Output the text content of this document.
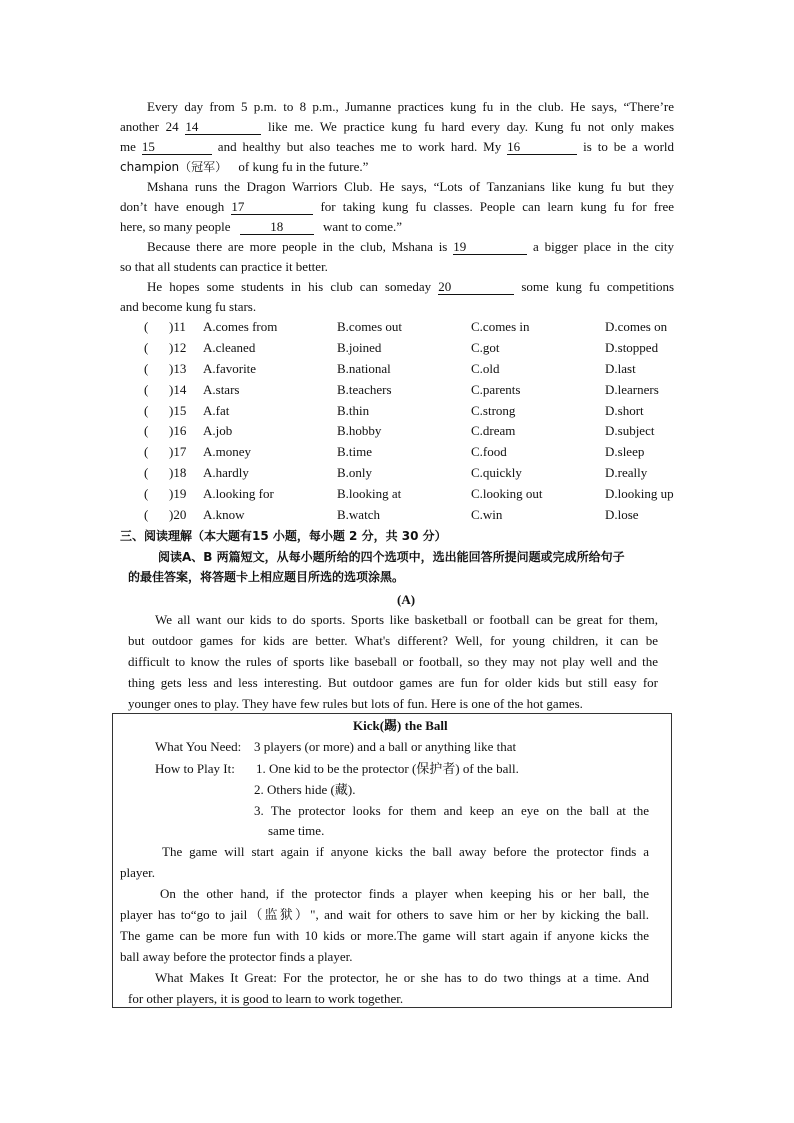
Every day from 5 p.m. to 8 p.m., Jumanne practices kung fu in the club. He says, “There’re
another 24 14	like me. We practice kung fu hard every day. Kung fu not only makes
me 15	and healthy but also teaches me to work hard. My 16	is to be a world
champion（冠军） of kung fu in the future.”
Mshana runs the Dragon Warriors Club. He says, “Lots of Tanzanians like kung fu but they
don’t have enough 17	for taking kung fu classes. People can learn kung fu for free
here, so many people	18	want to come.”
Because there are more people in the club, Mshana is 19	a bigger place in the city
so that all students can practice it better.
He hopes some students in his club can someday 20	some kung fu competitions
and become kung fu stars.
( )11 A.comes from	B.comes out	C.comes in	D.comes on
( )12 A.cleaned	B.joined	C.got	D.stopped
( )13 A.favorite	B.national	C.old	D.last
( )14 A.stars	B.teachers	C.parents	D.learners
( )15 A.fat	B.thin	C.strong	D.short
( )16 A.job	B.hobby	C.dream	D.subject
( )17 A.money	B.time	C.food	D.sleep
( )18 A.hardly	B.only	C.quickly	D.really
( )19 A.looking for	B.looking at	C.looking out	D.looking up
( )20 A.know	B.watch	C.win	D.lose
三、阅读理解（本大题有15 小题，每小题 2 分，共 30 分）
阅读A、B 两篇短文，从每小题所给的四个选项中，选出能回答所提问题或完成所给句子
的最佳答案，将答题卡上相应题目所选的选项涂黑。
(A)
We all want our kids to do sports. Sports like basketball or football can be great for them,
but outdoor games for kids are better. What's different? Well, for young children, it can be
difficult to know the rules of sports like baseball or football, so they may not play well and the
thing gets less and less interesting. But outdoor games are fun for older kids but still easy for
younger ones to play. They have few rules but lots of fun. Here is one of the hot games.
Kick(踢) the Ball
What You Need: 3 players (or more) and a ball or anything like that
How to Play It: 1. One kid to be the protector (保护者) of the ball.
2. Others hide (藏).
3. The protector looks for them and keep an eye on the ball at the
same time.
The game will start again if anyone kicks the ball away before the protector finds a
player.
On the other hand, if the protector finds a player when keeping his or her ball, the
player has to“go to jail（监狱）", and wait for others to save him or her by kicking the ball.
The game can be more fun with 10 kids or more.The game will start again if anyone kicks the
ball away before the protector finds a player.
What Makes It Great: For the protector, he or she has to do two things at a time. And
for other players, it is good to learn to work together.
